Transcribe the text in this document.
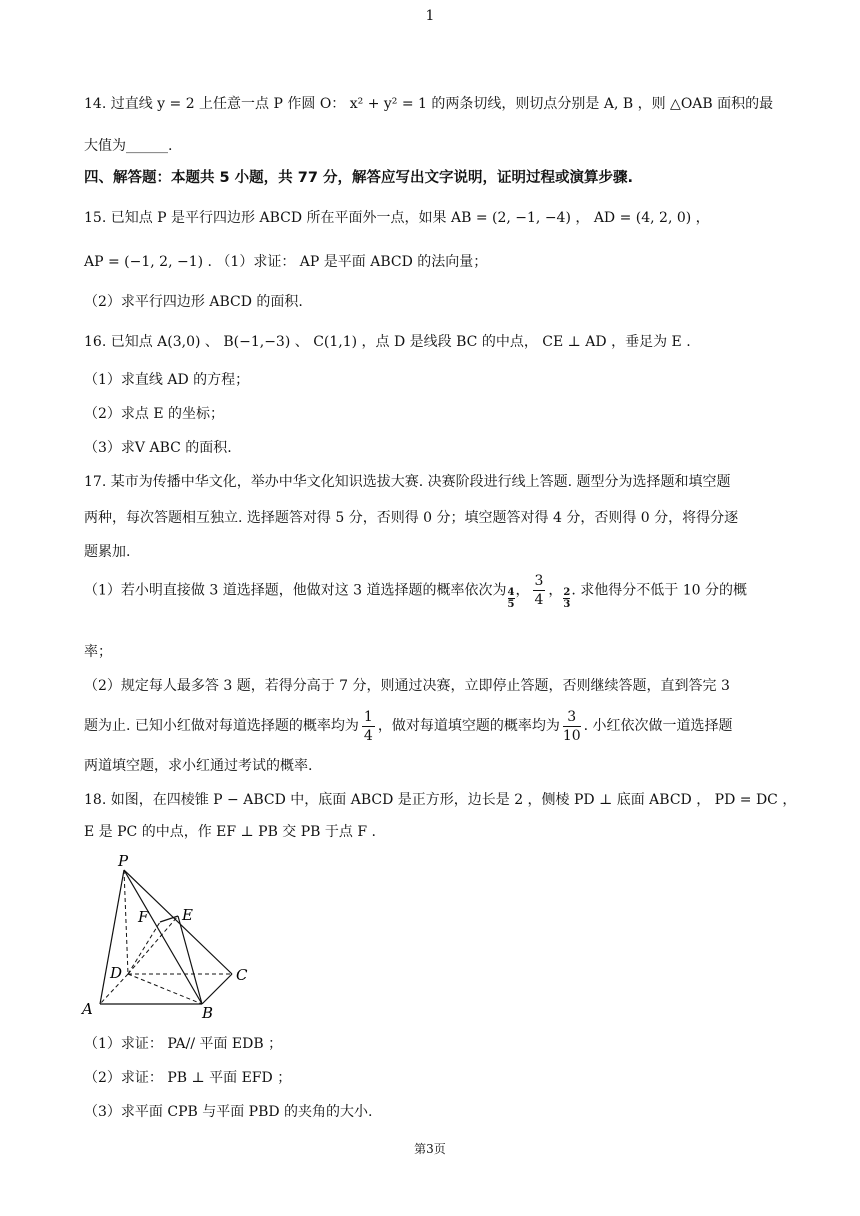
1
14. 过直线 y = 2 上任意一点 P 作圆 O： x² + y² = 1 的两条切线，则切点分别是 A, B ，则 △OAB 面积的最
大值为______.
四、解答题：本题共 5 小题，共 77 分，解答应写出文字说明，证明过程或演算步骤.
15. 已知点 P 是平行四边形 ABCD 所在平面外一点，如果 AB = (2, −1, −4) ， AD = (4, 2, 0) ，
AP = (−1, 2, −1) . （1）求证： AP 是平面 ABCD 的法向量；
（2）求平行四边形 ABCD 的面积.
16. 已知点 A(3,0) 、 B(−1,−3) 、 C(1,1) ，点 D 是线段 BC 的中点， CE ⊥ AD ，垂足为 E .
（1）求直线 AD 的方程；
（2）求点 E 的坐标；
（3）求V ABC 的面积.
17. 某市为传播中华文化，举办中华文化知识选拔大赛. 决赛阶段进行线上答题. 题型分为选择题和填空题
两种，每次答题相互独立. 选择题答对得 5 分，否则得 0 分；填空题答对得 4 分，否则得 0 分，将得分逐
题累加.
（1）若小明直接做 3 道选择题，他做对这 3 道选择题的概率依次为 $\frac{4}{5}$ ， $\frac{3}{4}$ ， $\frac{2}{3}$ . 求他得分不低于 10 分的概
率；
（2）规定每人最多答 3 题，若得分高于 7 分，则通过决赛，立即停止答题，否则继续答题，直到答完 3
题为止. 已知小红做对每道选择题的概率均为 $\frac{1}{4}$ ，做对每道填空题的概率均为 $\frac{3}{10}$ . 小红依次做一道选择题
两道填空题，求小红通过考试的概率.
18. 如图，在四棱锥 P − ABCD 中，底面 ABCD 是正方形，边长是 2 ，侧棱 PD ⊥ 底面 ABCD ， PD = DC ，
E 是 PC 的中点，作 EF ⊥ PB 交 PB 于点 F .
P
F E
D	C
A	B
（1）求证： PA// 平面 EDB ；
（2）求证： PB ⊥ 平面 EFD ；
（3）求平面 CPB 与平面 PBD 的夹角的大小.
第3页
